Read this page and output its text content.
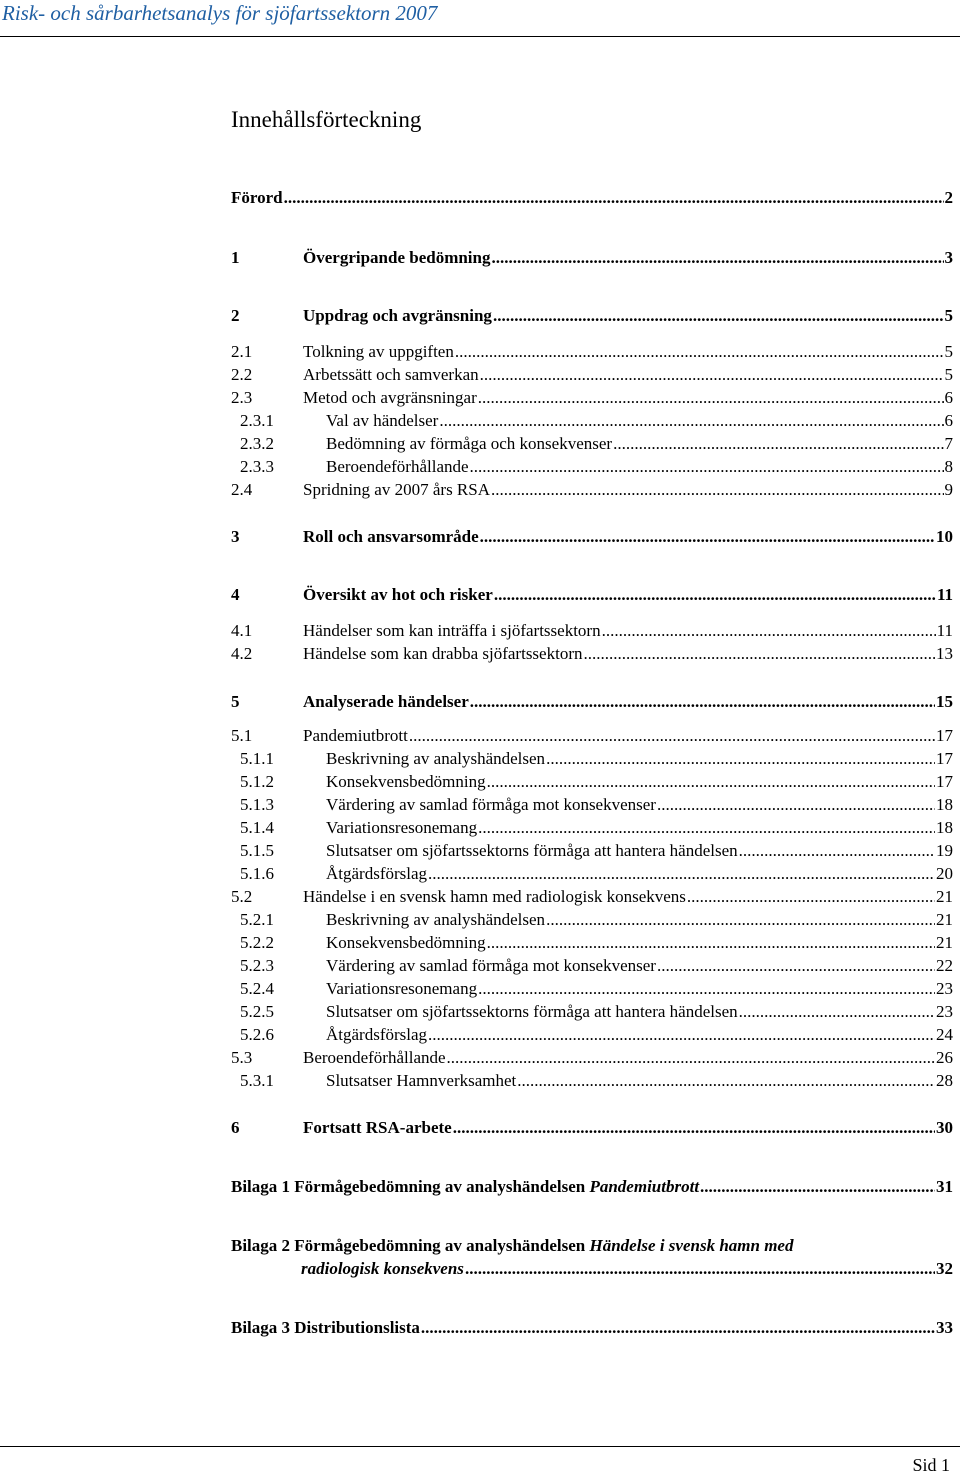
Risk- och sårbarhetsanalys för sjöfartssektorn 2007
Innehållsförteckning
Förord .....	2
1	Övergripande bedömning .....	3
2	Uppdrag och avgränsning .....	5
2.1	Tolkning av uppgiften .....	5
2.2	Arbetssätt och samverkan .....	5
2.3	Metod och avgränsningar .....	6
2.3.1	Val av händelser .....	6
2.3.2	Bedömning av förmåga och konsekvenser .....	7
2.3.3	Beroendeförhållande .....	8
2.4	Spridning av 2007 års RSA .....	9
3	Roll och ansvarsområde .....	10
4	Översikt av hot och risker .....	11
4.1	Händelser som kan inträffa i sjöfartssektorn .....	11
4.2	Händelse som kan drabba sjöfartssektorn .....	13
5	Analyserade händelser .....	15
5.1	Pandemiutbrott .....	17
5.1.1	Beskrivning av analyshändelsen .....	17
5.1.2	Konsekvensbedömning .....	17
5.1.3	Värdering av samlad förmåga mot konsekvenser .....	18
5.1.4	Variationsresonemang .....	18
5.1.5	Slutsatser om sjöfartssektorns förmåga att hantera händelsen .....	19
5.1.6	Åtgärdsförslag .....	20
5.2	Händelse i en svensk hamn med radiologisk konsekvens .....	21
5.2.1	Beskrivning av analyshändelsen .....	21
5.2.2	Konsekvensbedömning .....	21
5.2.3	Värdering av samlad förmåga mot konsekvenser .....	22
5.2.4	Variationsresonemang .....	23
5.2.5	Slutsatser om sjöfartssektorns förmåga att hantera händelsen .....	23
5.2.6	Åtgärdsförslag .....	24
5.3	Beroendeförhållande .....	26
5.3.1	Slutsatser Hamnverksamhet .....	28
6	Fortsatt RSA-arbete .....	30
Bilaga 1 Förmågebedömning av analyshändelsen Pandemiutbrott .....	31
Bilaga 2 Förmågebedömning av analyshändelsen Händelse i svensk hamn med
radiologisk konsekvens .....	32
Bilaga 3 Distributionslista .....	33
Sid 1
